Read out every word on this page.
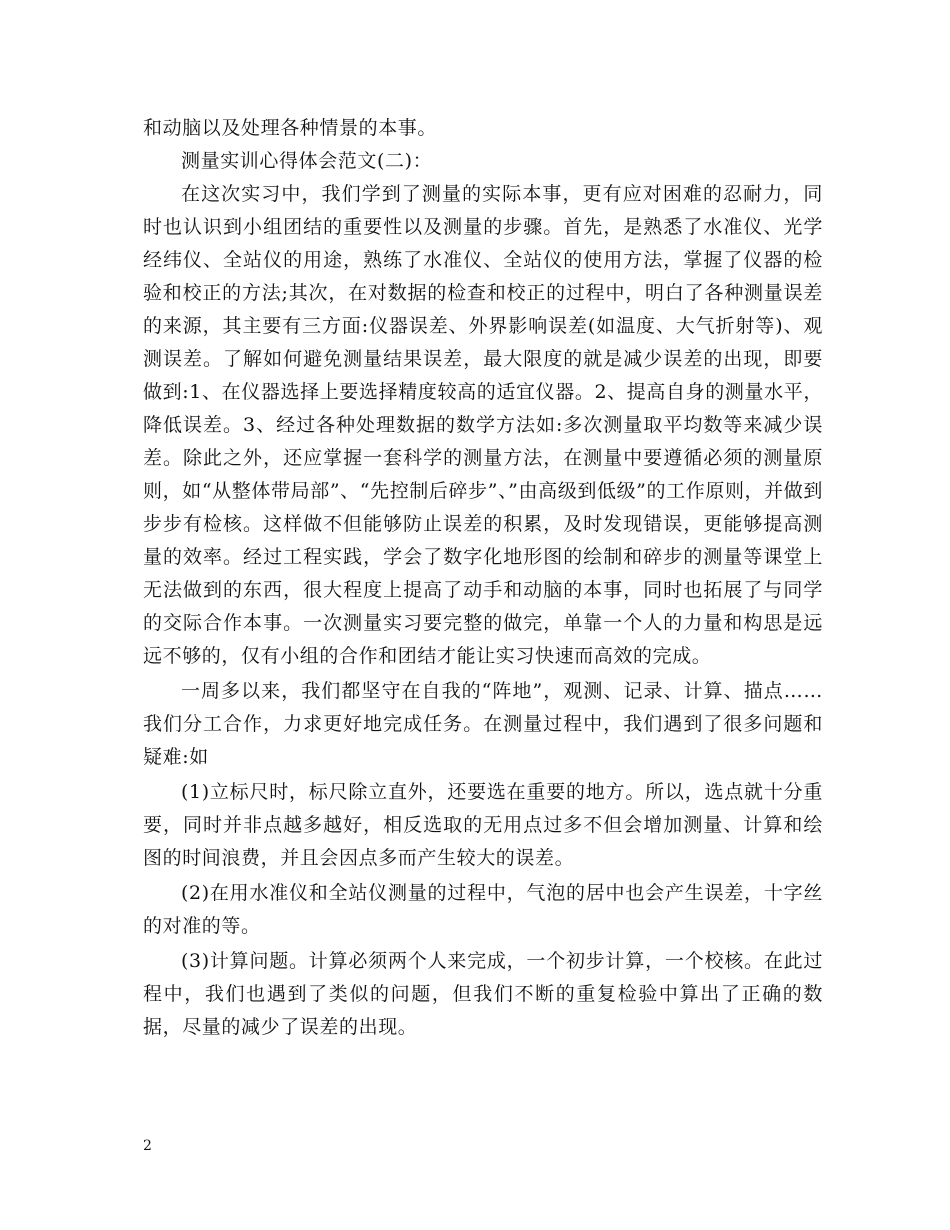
和动脑以及处理各种情景的本事。

测量实训心得体会范文(二)：

在这次实习中，我们学到了测量的实际本事，更有应对困难的忍耐力，同时也认识到小组团结的重要性以及测量的步骤。首先，是熟悉了水准仪、光学经纬仪、全站仪的用途，熟练了水准仪、全站仪的使用方法，掌握了仪器的检验和校正的方法;其次，在对数据的检查和校正的过程中，明白了各种测量误差的来源，其主要有三方面:仪器误差、外界影响误差(如温度、大气折射等)、观测误差。了解如何避免测量结果误差，最大限度的就是减少误差的出现，即要做到:1、在仪器选择上要选择精度较高的适宜仪器。2、提高自身的测量水平，降低误差。3、经过各种处理数据的数学方法如:多次测量取平均数等来减少误差。除此之外，还应掌握一套科学的测量方法，在测量中要遵循必须的测量原则，如“从整体带局部”、“先控制后碎步”、”由高级到低级”的工作原则，并做到步步有检核。这样做不但能够防止误差的积累，及时发现错误，更能够提高测量的效率。经过工程实践，学会了数字化地形图的绘制和碎步的测量等课堂上无法做到的东西，很大程度上提高了动手和动脑的本事，同时也拓展了与同学的交际合作本事。一次测量实习要完整的做完，单靠一个人的力量和构思是远远不够的，仅有小组的合作和团结才能让实习快速而高效的完成。

一周多以来，我们都坚守在自我的“阵地”，观测、记录、计算、描点……我们分工合作，力求更好地完成任务。在测量过程中，我们遇到了很多问题和疑难:如

(1)立标尺时，标尺除立直外，还要选在重要的地方。所以，选点就十分重要，同时并非点越多越好，相反选取的无用点过多不但会增加测量、计算和绘图的时间浪费，并且会因点多而产生较大的误差。

(2)在用水准仪和全站仪测量的过程中，气泡的居中也会产生误差，十字丝的对准的等。

(3)计算问题。计算必须两个人来完成，一个初步计算，一个校核。在此过程中，我们也遇到了类似的问题，但我们不断的重复检验中算出了正确的数据，尽量的减少了误差的出现。

2
